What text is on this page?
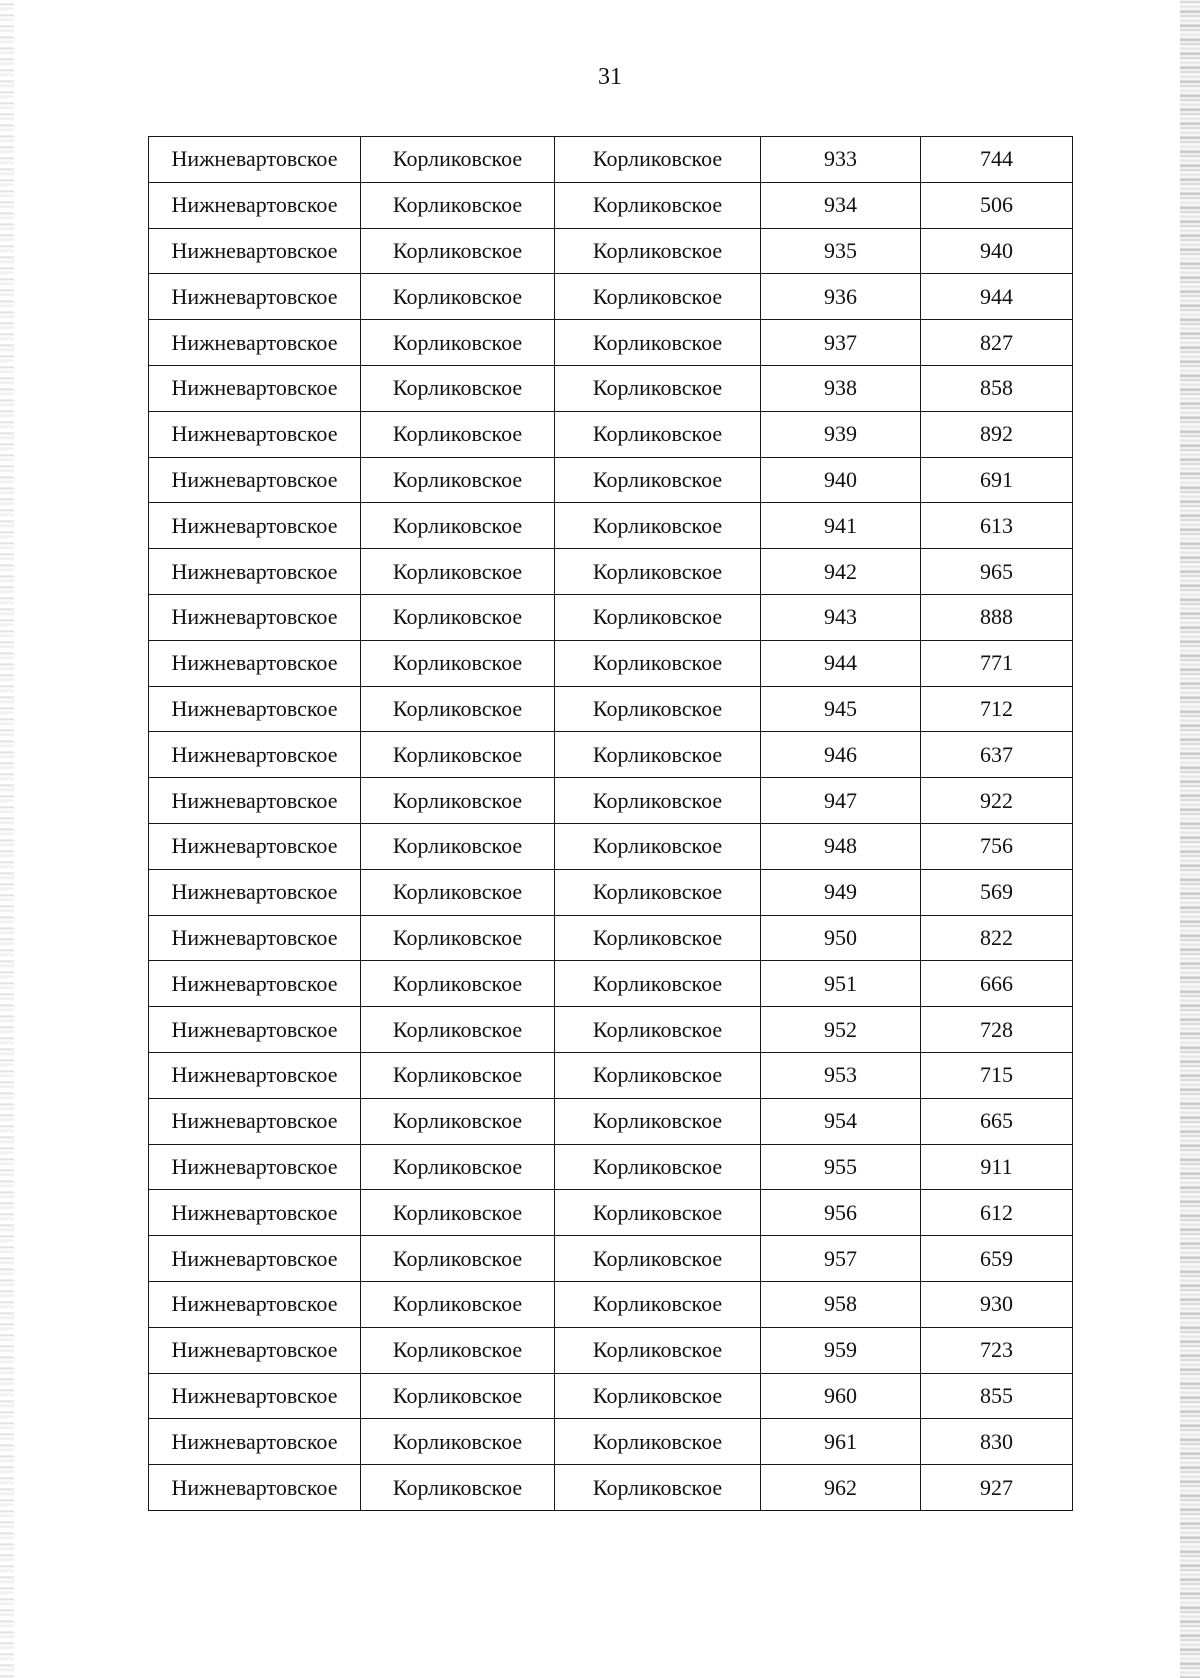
31
Нижневартовское	Корликовское	Корликовское	933	744
Нижневартовское	Корликовское	Корликовское	934	506
Нижневартовское	Корликовское	Корликовское	935	940
Нижневартовское	Корликовское	Корликовское	936	944
Нижневартовское	Корликовское	Корликовское	937	827
Нижневартовское	Корликовское	Корликовское	938	858
Нижневартовское	Корликовское	Корликовское	939	892
Нижневартовское	Корликовское	Корликовское	940	691
Нижневартовское	Корликовское	Корликовское	941	613
Нижневартовское	Корликовское	Корликовское	942	965
Нижневартовское	Корликовское	Корликовское	943	888
Нижневартовское	Корликовское	Корликовское	944	771
Нижневартовское	Корликовское	Корликовское	945	712
Нижневартовское	Корликовское	Корликовское	946	637
Нижневартовское	Корликовское	Корликовское	947	922
Нижневартовское	Корликовское	Корликовское	948	756
Нижневартовское	Корликовское	Корликовское	949	569
Нижневартовское	Корликовское	Корликовское	950	822
Нижневартовское	Корликовское	Корликовское	951	666
Нижневартовское	Корликовское	Корликовское	952	728
Нижневартовское	Корликовское	Корликовское	953	715
Нижневартовское	Корликовское	Корликовское	954	665
Нижневартовское	Корликовское	Корликовское	955	911
Нижневартовское	Корликовское	Корликовское	956	612
Нижневартовское	Корликовское	Корликовское	957	659
Нижневартовское	Корликовское	Корликовское	958	930
Нижневартовское	Корликовское	Корликовское	959	723
Нижневартовское	Корликовское	Корликовское	960	855
Нижневартовское	Корликовское	Корликовское	961	830
Нижневартовское	Корликовское	Корликовское	962	927
